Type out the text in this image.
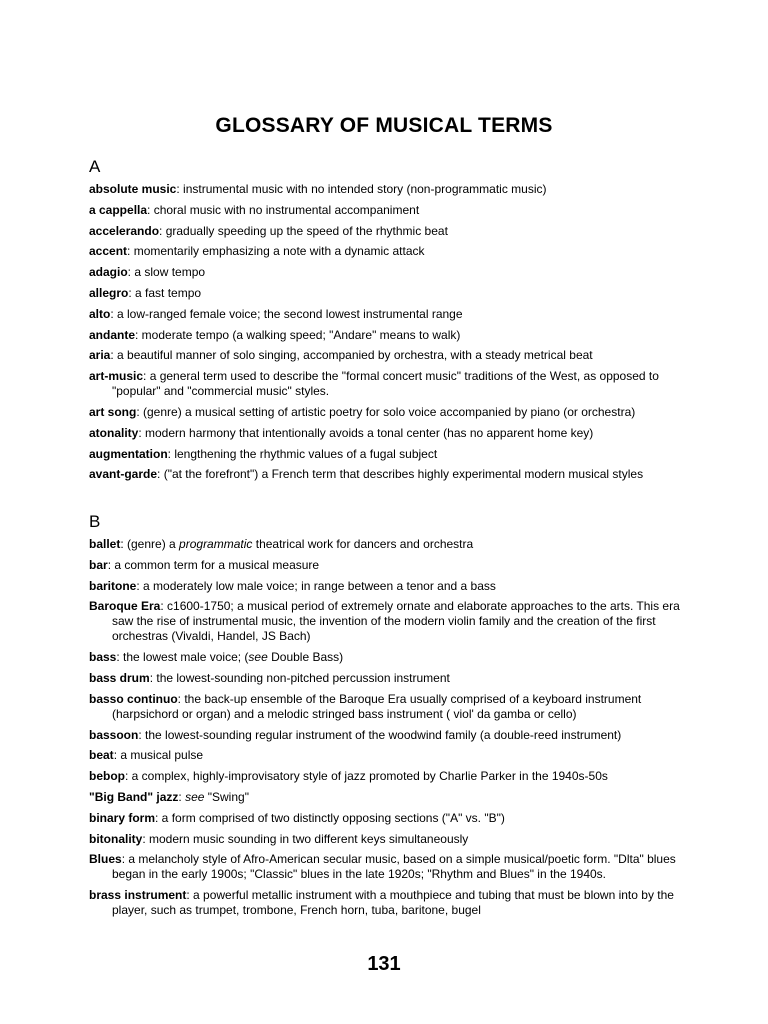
GLOSSARY OF MUSICAL TERMS
A
absolute music: instrumental music with no intended story (non-programmatic music)
a cappella: choral music with no instrumental accompaniment
accelerando: gradually speeding up the speed of the rhythmic beat
accent: momentarily emphasizing a note with a dynamic attack
adagio: a slow tempo
allegro: a fast tempo
alto: a low-ranged female voice; the second lowest instrumental range
andante: moderate tempo (a walking speed; "Andare" means to walk)
aria: a beautiful manner of solo singing, accompanied by orchestra, with a steady metrical beat
art-music: a general term used to describe the "formal concert music" traditions of the West, as opposed to "popular" and "commercial music" styles.
art song: (genre) a musical setting of artistic poetry for solo voice accompanied by piano (or orchestra)
atonality: modern harmony that intentionally avoids a tonal center (has no apparent home key)
augmentation: lengthening the rhythmic values of a fugal subject
avant-garde: ("at the forefront") a French term that describes highly experimental modern musical styles
B
ballet: (genre) a programmatic theatrical work for dancers and orchestra
bar: a common term for a musical measure
baritone: a moderately low male voice; in range between a tenor and a bass
Baroque Era: c1600-1750; a musical period of extremely ornate and elaborate approaches to the arts. This era saw the rise of instrumental music, the invention of the modern violin family and the creation of the first orchestras (Vivaldi, Handel, JS Bach)
bass: the lowest male voice; (see Double Bass)
bass drum: the lowest-sounding non-pitched percussion instrument
basso continuo: the back-up ensemble of the Baroque Era usually comprised of a keyboard instrument (harpsichord or organ) and a melodic stringed bass instrument ( viol' da gamba or cello)
bassoon: the lowest-sounding regular instrument of the woodwind family (a double-reed instrument)
beat: a musical pulse
bebop: a complex, highly-improvisatory style of jazz promoted by Charlie Parker in the 1940s-50s
"Big Band" jazz: see "Swing"
binary form: a form comprised of two distinctly opposing sections ("A" vs. "B")
bitonality: modern music sounding in two different keys simultaneously
Blues: a melancholy style of Afro-American secular music, based on a simple musical/poetic form. "Dlta" blues began in the early 1900s; "Classic" blues in the late 1920s; "Rhythm and Blues" in the 1940s.
brass instrument: a powerful metallic instrument with a mouthpiece and tubing that must be blown into by the player, such as trumpet, trombone, French horn, tuba, baritone, bugel
131
